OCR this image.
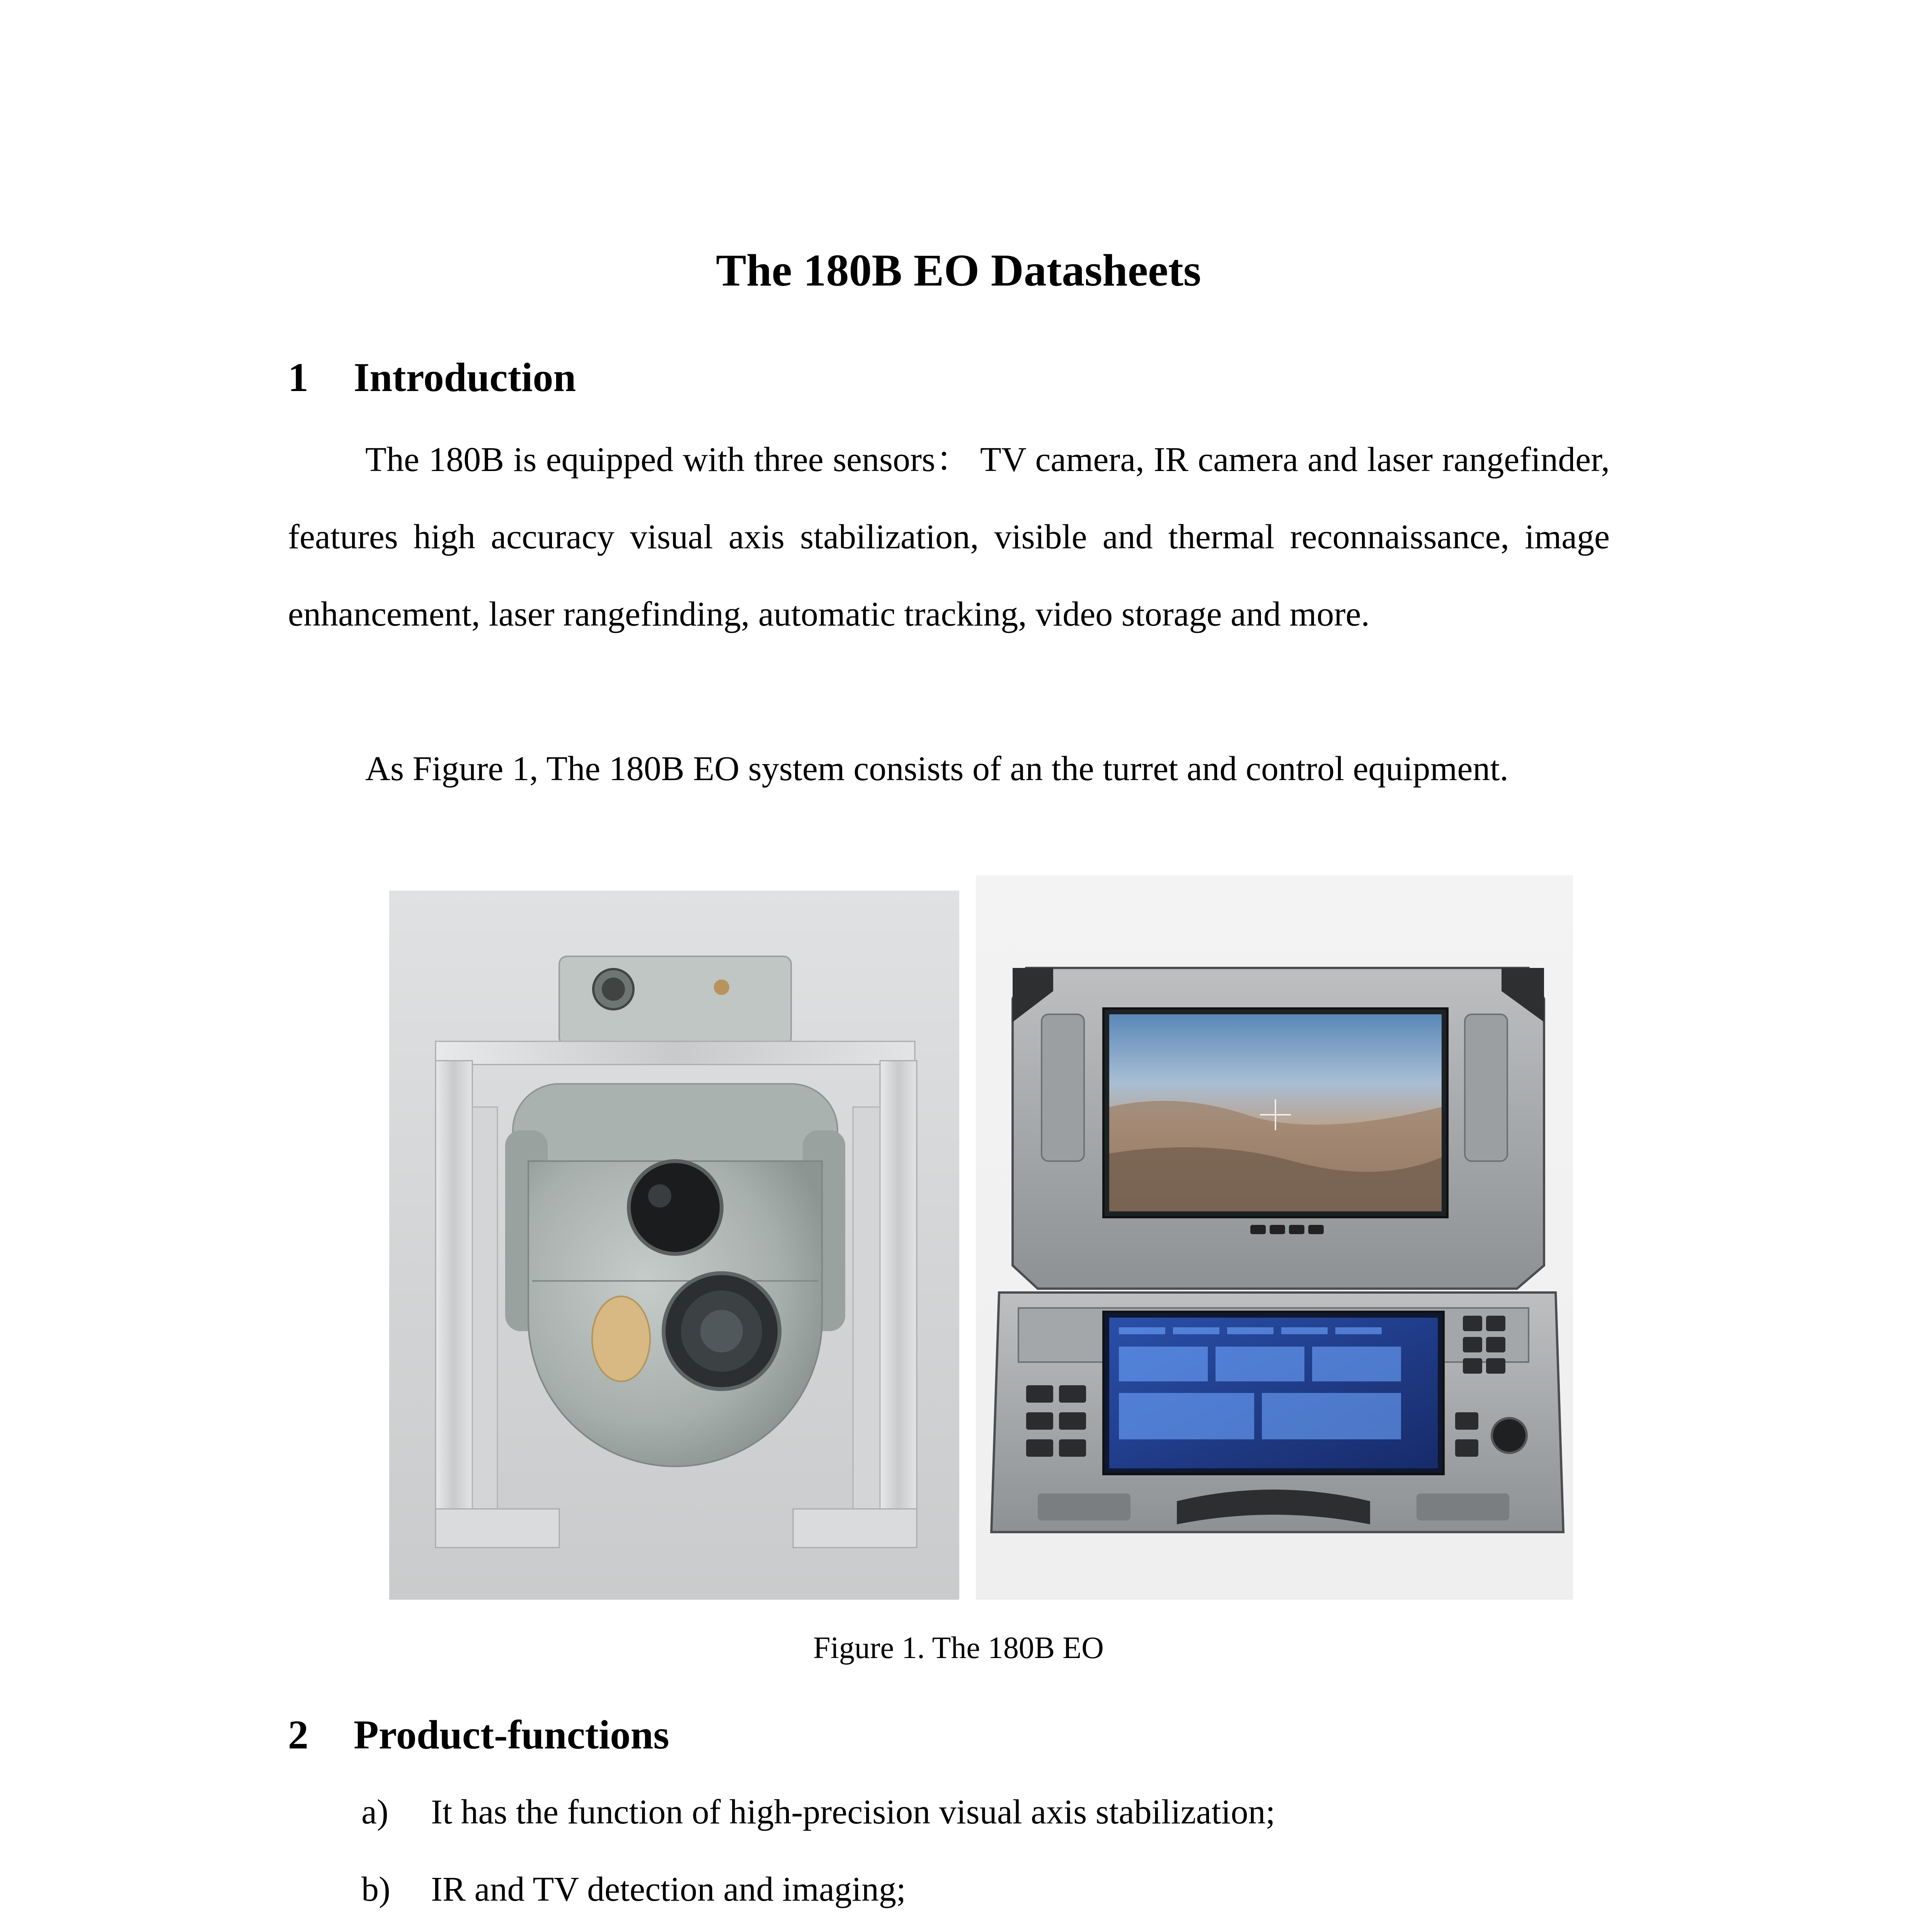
The 180B EO Datasheets
1 Introduction

The 180B is equipped with three sensors： TV camera, IR camera and laser rangefinder, features high accuracy visual axis stabilization, visible and thermal reconnaissance, image enhancement, laser rangefinding, automatic tracking, video storage and more.

As Figure 1, The 180B EO system consists of an the turret and control equipment.

Figure 1. The 180B EO
2 Product-functions
a) It has the function of high-precision visual axis stabilization;
b) IR and TV detection and imaging;
